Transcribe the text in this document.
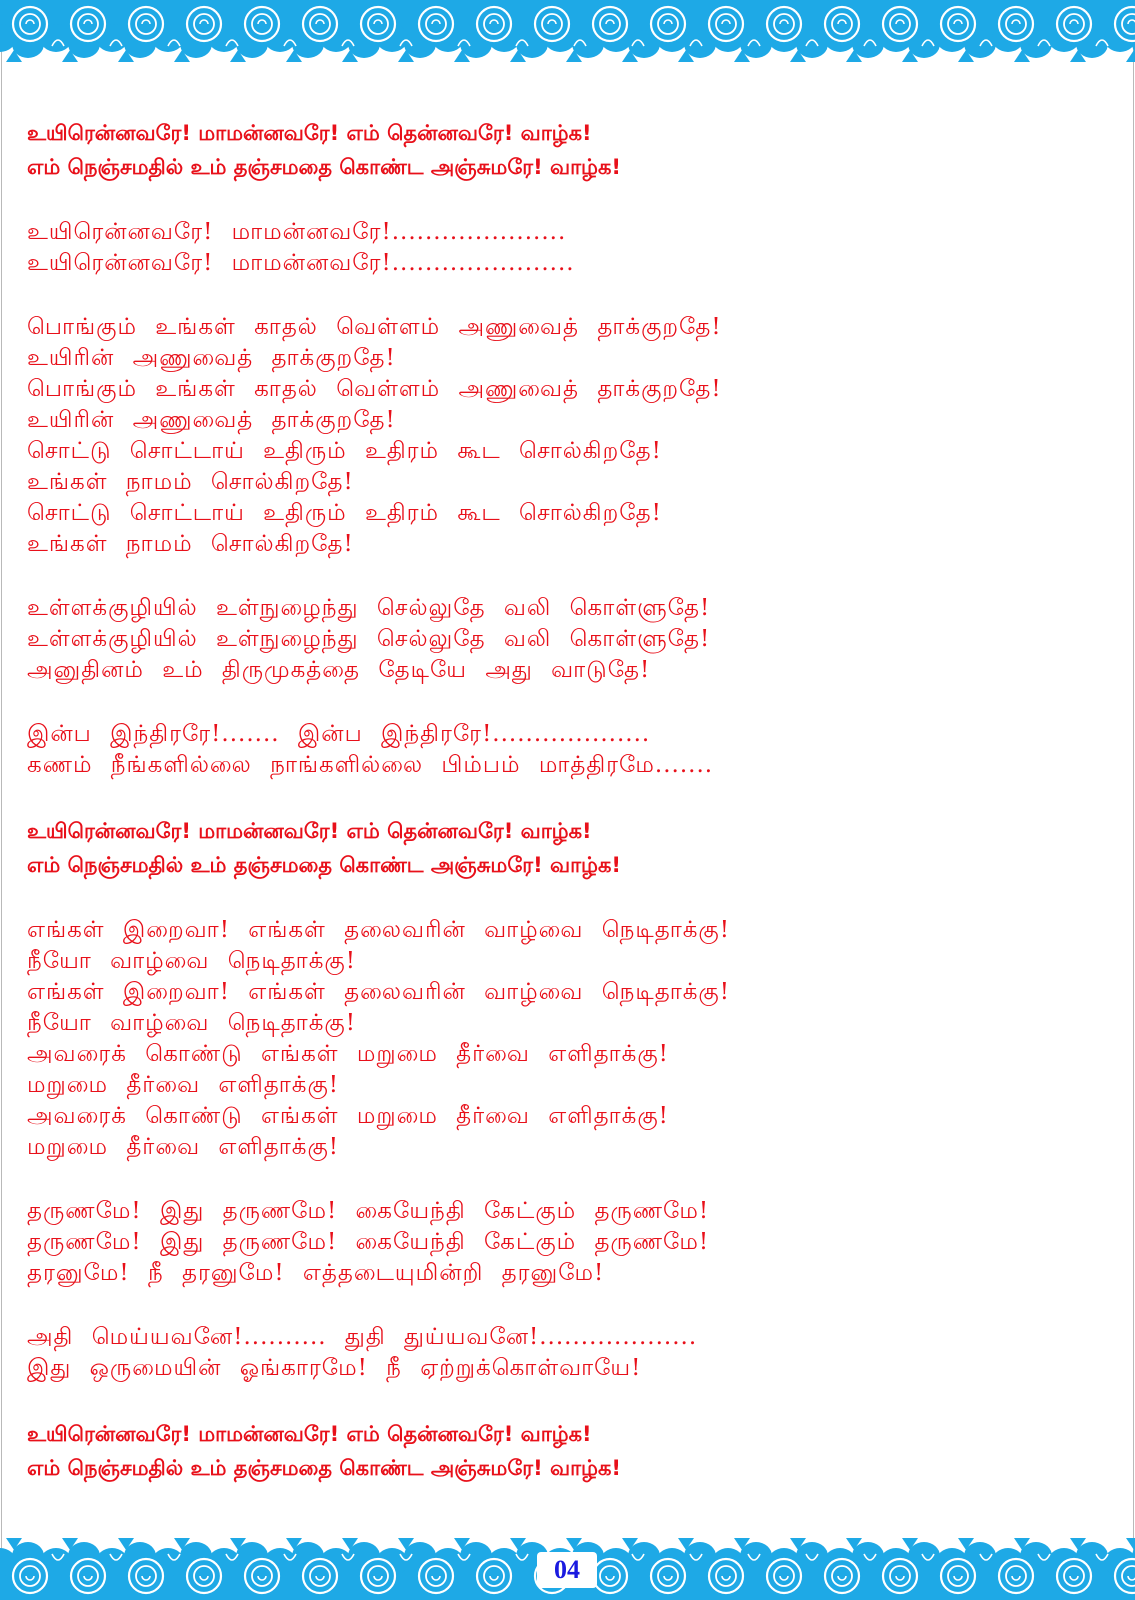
உயிரென்னவரே! மாமன்னவரே! எம் தென்னவரே! வாழ்க!
எம் நெஞ்சமதில் உம் தஞ்சமதை கொண்ட அஞ்சுமரே! வாழ்க!
உயிரென்னவரே! மாமன்னவரே!.....................
உயிரென்னவரே! மாமன்னவரே!......................
பொங்கும் உங்கள் காதல் வெள்ளம் அணுவைத் தாக்குறதே!
உயிரின் அணுவைத் தாக்குறதே!
பொங்கும் உங்கள் காதல் வெள்ளம் அணுவைத் தாக்குறதே!
உயிரின் அணுவைத் தாக்குறதே!
சொட்டு சொட்டாய் உதிரும் உதிரம் கூட சொல்கிறதே!
உங்கள் நாமம் சொல்கிறதே!
சொட்டு சொட்டாய் உதிரும் உதிரம் கூட சொல்கிறதே!
உங்கள் நாமம் சொல்கிறதே!
உள்ளக்குழியில் உள்நுழைந்து செல்லுதே வலி கொள்ளுதே!
உள்ளக்குழியில் உள்நுழைந்து செல்லுதே வலி கொள்ளுதே!
அனுதினம் உம் திருமுகத்தை தேடியே அது வாடுதே!
இன்ப இந்திரரே!....... இன்ப இந்திரரே!...................
கணம் நீங்களில்லை நாங்களில்லை பிம்பம் மாத்திரமே.......
உயிரென்னவரே! மாமன்னவரே! எம் தென்னவரே! வாழ்க!
எம் நெஞ்சமதில் உம் தஞ்சமதை கொண்ட அஞ்சுமரே! வாழ்க!
எங்கள் இறைவா! எங்கள் தலைவரின் வாழ்வை நெடிதாக்கு!
நீயோ வாழ்வை நெடிதாக்கு!
எங்கள் இறைவா! எங்கள் தலைவரின் வாழ்வை நெடிதாக்கு!
நீயோ வாழ்வை நெடிதாக்கு!
அவரைக் கொண்டு எங்கள் மறுமை தீர்வை எளிதாக்கு!
மறுமை தீர்வை எளிதாக்கு!
அவரைக் கொண்டு எங்கள் மறுமை தீர்வை எளிதாக்கு!
மறுமை தீர்வை எளிதாக்கு!
தருணமே! இது தருணமே! கையேந்தி கேட்கும் தருணமே!
தருணமே! இது தருணமே! கையேந்தி கேட்கும் தருணமே!
தரனுமே! நீ தரனுமே! எத்தடையுமின்றி தரனுமே!
அதி மெய்யவனே!.......... துதி துய்யவனே!...................
இது ஒருமையின் ஓங்காரமே! நீ ஏற்றுக்கொள்வாயே!
உயிரென்னவரே! மாமன்னவரே! எம் தென்னவரே! வாழ்க!
எம் நெஞ்சமதில் உம் தஞ்சமதை கொண்ட அஞ்சுமரே! வாழ்க!
04
